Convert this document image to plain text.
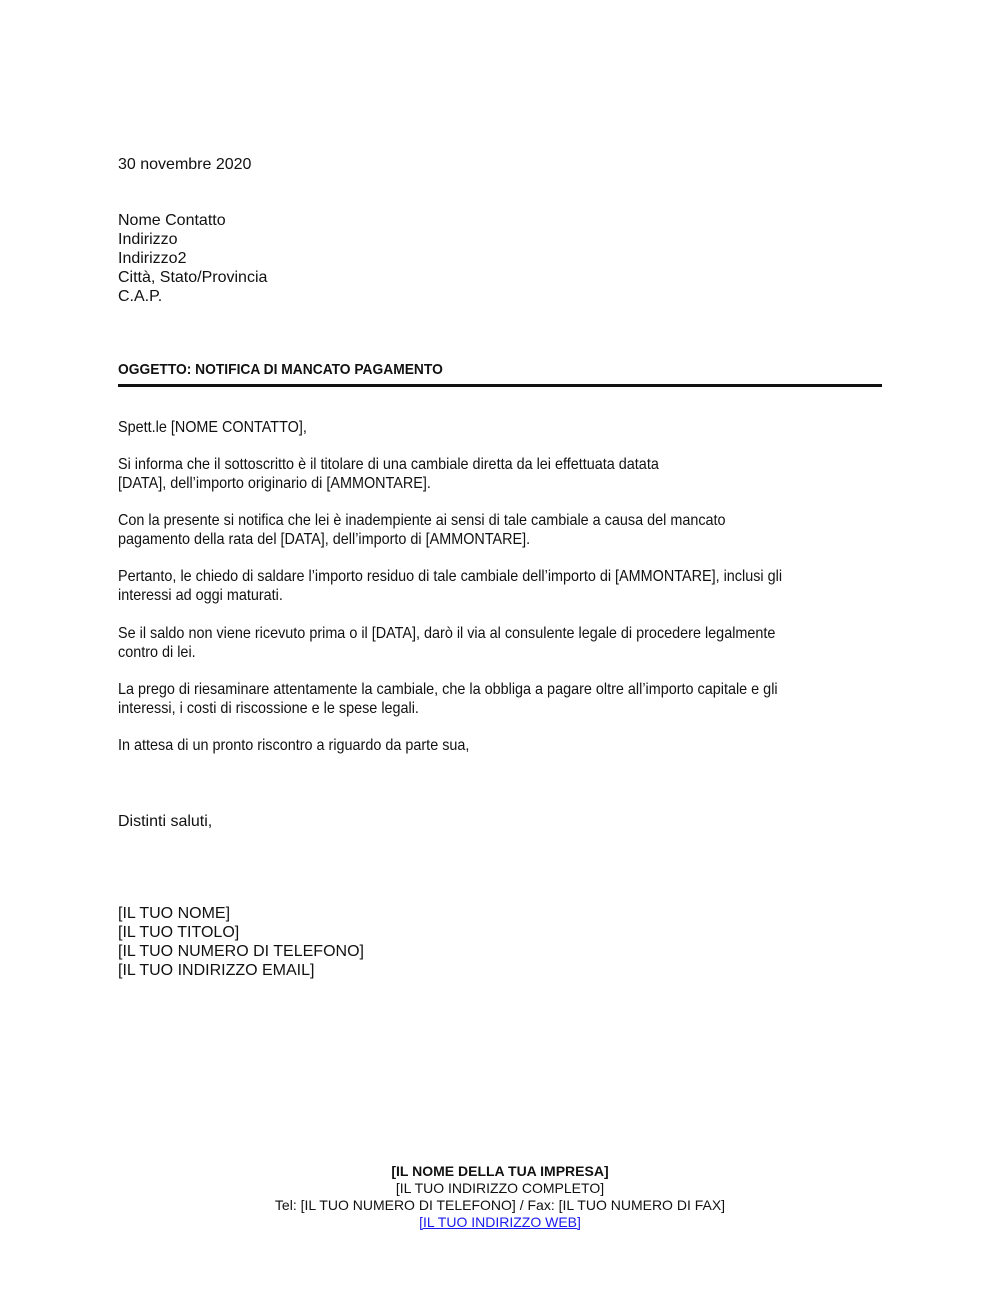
30 novembre 2020
Nome Contatto
Indirizzo
Indirizzo2
Città, Stato/Provincia
C.A.P.
OGGETTO: NOTIFICA DI MANCATO PAGAMENTO
Spett.le [NOME CONTATTO],
Si informa che il sottoscritto è il titolare di una cambiale diretta da lei effettuata datata
[DATA], dell’importo originario di [AMMONTARE].
Con la presente si notifica che lei è inadempiente ai sensi di tale cambiale a causa del mancato
pagamento della rata del [DATA], dell’importo di [AMMONTARE].
Pertanto, le chiedo di saldare l’importo residuo di tale cambiale dell’importo di [AMMONTARE], inclusi gli
interessi ad oggi maturati.
Se il saldo non viene ricevuto prima o il [DATA], darò il via al consulente legale di procedere legalmente
contro di lei.
La prego di riesaminare attentamente la cambiale, che la obbliga a pagare oltre all’importo capitale e gli
interessi, i costi di riscossione e le spese legali.
In attesa di un pronto riscontro a riguardo da parte sua,
Distinti saluti,
[IL TUO NOME]
[IL TUO TITOLO]
[IL TUO NUMERO DI TELEFONO]
[IL TUO INDIRIZZO EMAIL]
[IL NOME DELLA TUA IMPRESA]
[IL TUO INDIRIZZO COMPLETO]
Tel: [IL TUO NUMERO DI TELEFONO] / Fax: [IL TUO NUMERO DI FAX]
[IL TUO INDIRIZZO WEB]
